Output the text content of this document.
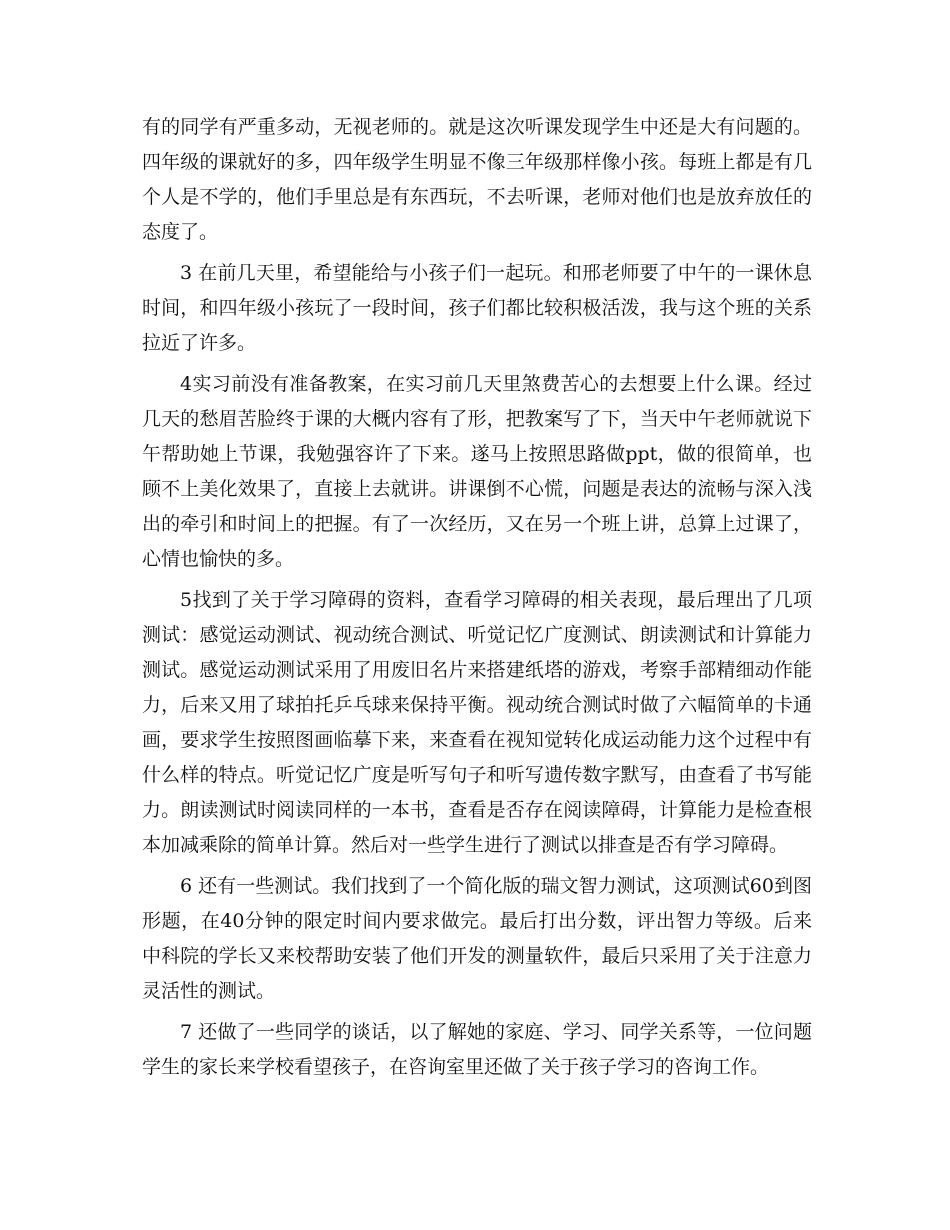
有的同学有严重多动，无视老师的。就是这次听课发现学生中还是大有问题的。四年级的课就好的多，四年级学生明显不像三年级那样像小孩。每班上都是有几个人是不学的，他们手里总是有东西玩，不去听课，老师对他们也是放弃放任的态度了。

3 在前几天里，希望能给与小孩子们一起玩。和邢老师要了中午的一课休息时间，和四年级小孩玩了一段时间，孩子们都比较积极活泼，我与这个班的关系拉近了许多。

4实习前没有准备教案，在实习前几天里煞费苦心的去想要上什么课。经过几天的愁眉苦脸终于课的大概内容有了形，把教案写了下，当天中午老师就说下午帮助她上节课，我勉强容许了下来。遂马上按照思路做ppt，做的很简单，也顾不上美化效果了，直接上去就讲。讲课倒不心慌，问题是表达的流畅与深入浅出的牵引和时间上的把握。有了一次经历，又在另一个班上讲，总算上过课了，心情也愉快的多。

5找到了关于学习障碍的资料，查看学习障碍的相关表现，最后理出了几项测试：感觉运动测试、视动统合测试、听觉记忆广度测试、朗读测试和计算能力测试。感觉运动测试采用了用废旧名片来搭建纸塔的游戏，考察手部精细动作能力，后来又用了球拍托乒乓球来保持平衡。视动统合测试时做了六幅简单的卡通画，要求学生按照图画临摹下来，来查看在视知觉转化成运动能力这个过程中有什么样的特点。听觉记忆广度是听写句子和听写遗传数字默写，由查看了书写能力。朗读测试时阅读同样的一本书，查看是否存在阅读障碍，计算能力是检查根本加减乘除的简单计算。然后对一些学生进行了测试以排查是否有学习障碍。

6 还有一些测试。我们找到了一个简化版的瑞文智力测试，这项测试60到图形题，在40分钟的限定时间内要求做完。最后打出分数，评出智力等级。后来中科院的学长又来校帮助安装了他们开发的测量软件，最后只采用了关于注意力灵活性的测试。

7 还做了一些同学的谈话，以了解她的家庭、学习、同学关系等，一位问题学生的家长来学校看望孩子，在咨询室里还做了关于孩子学习的咨询工作。
